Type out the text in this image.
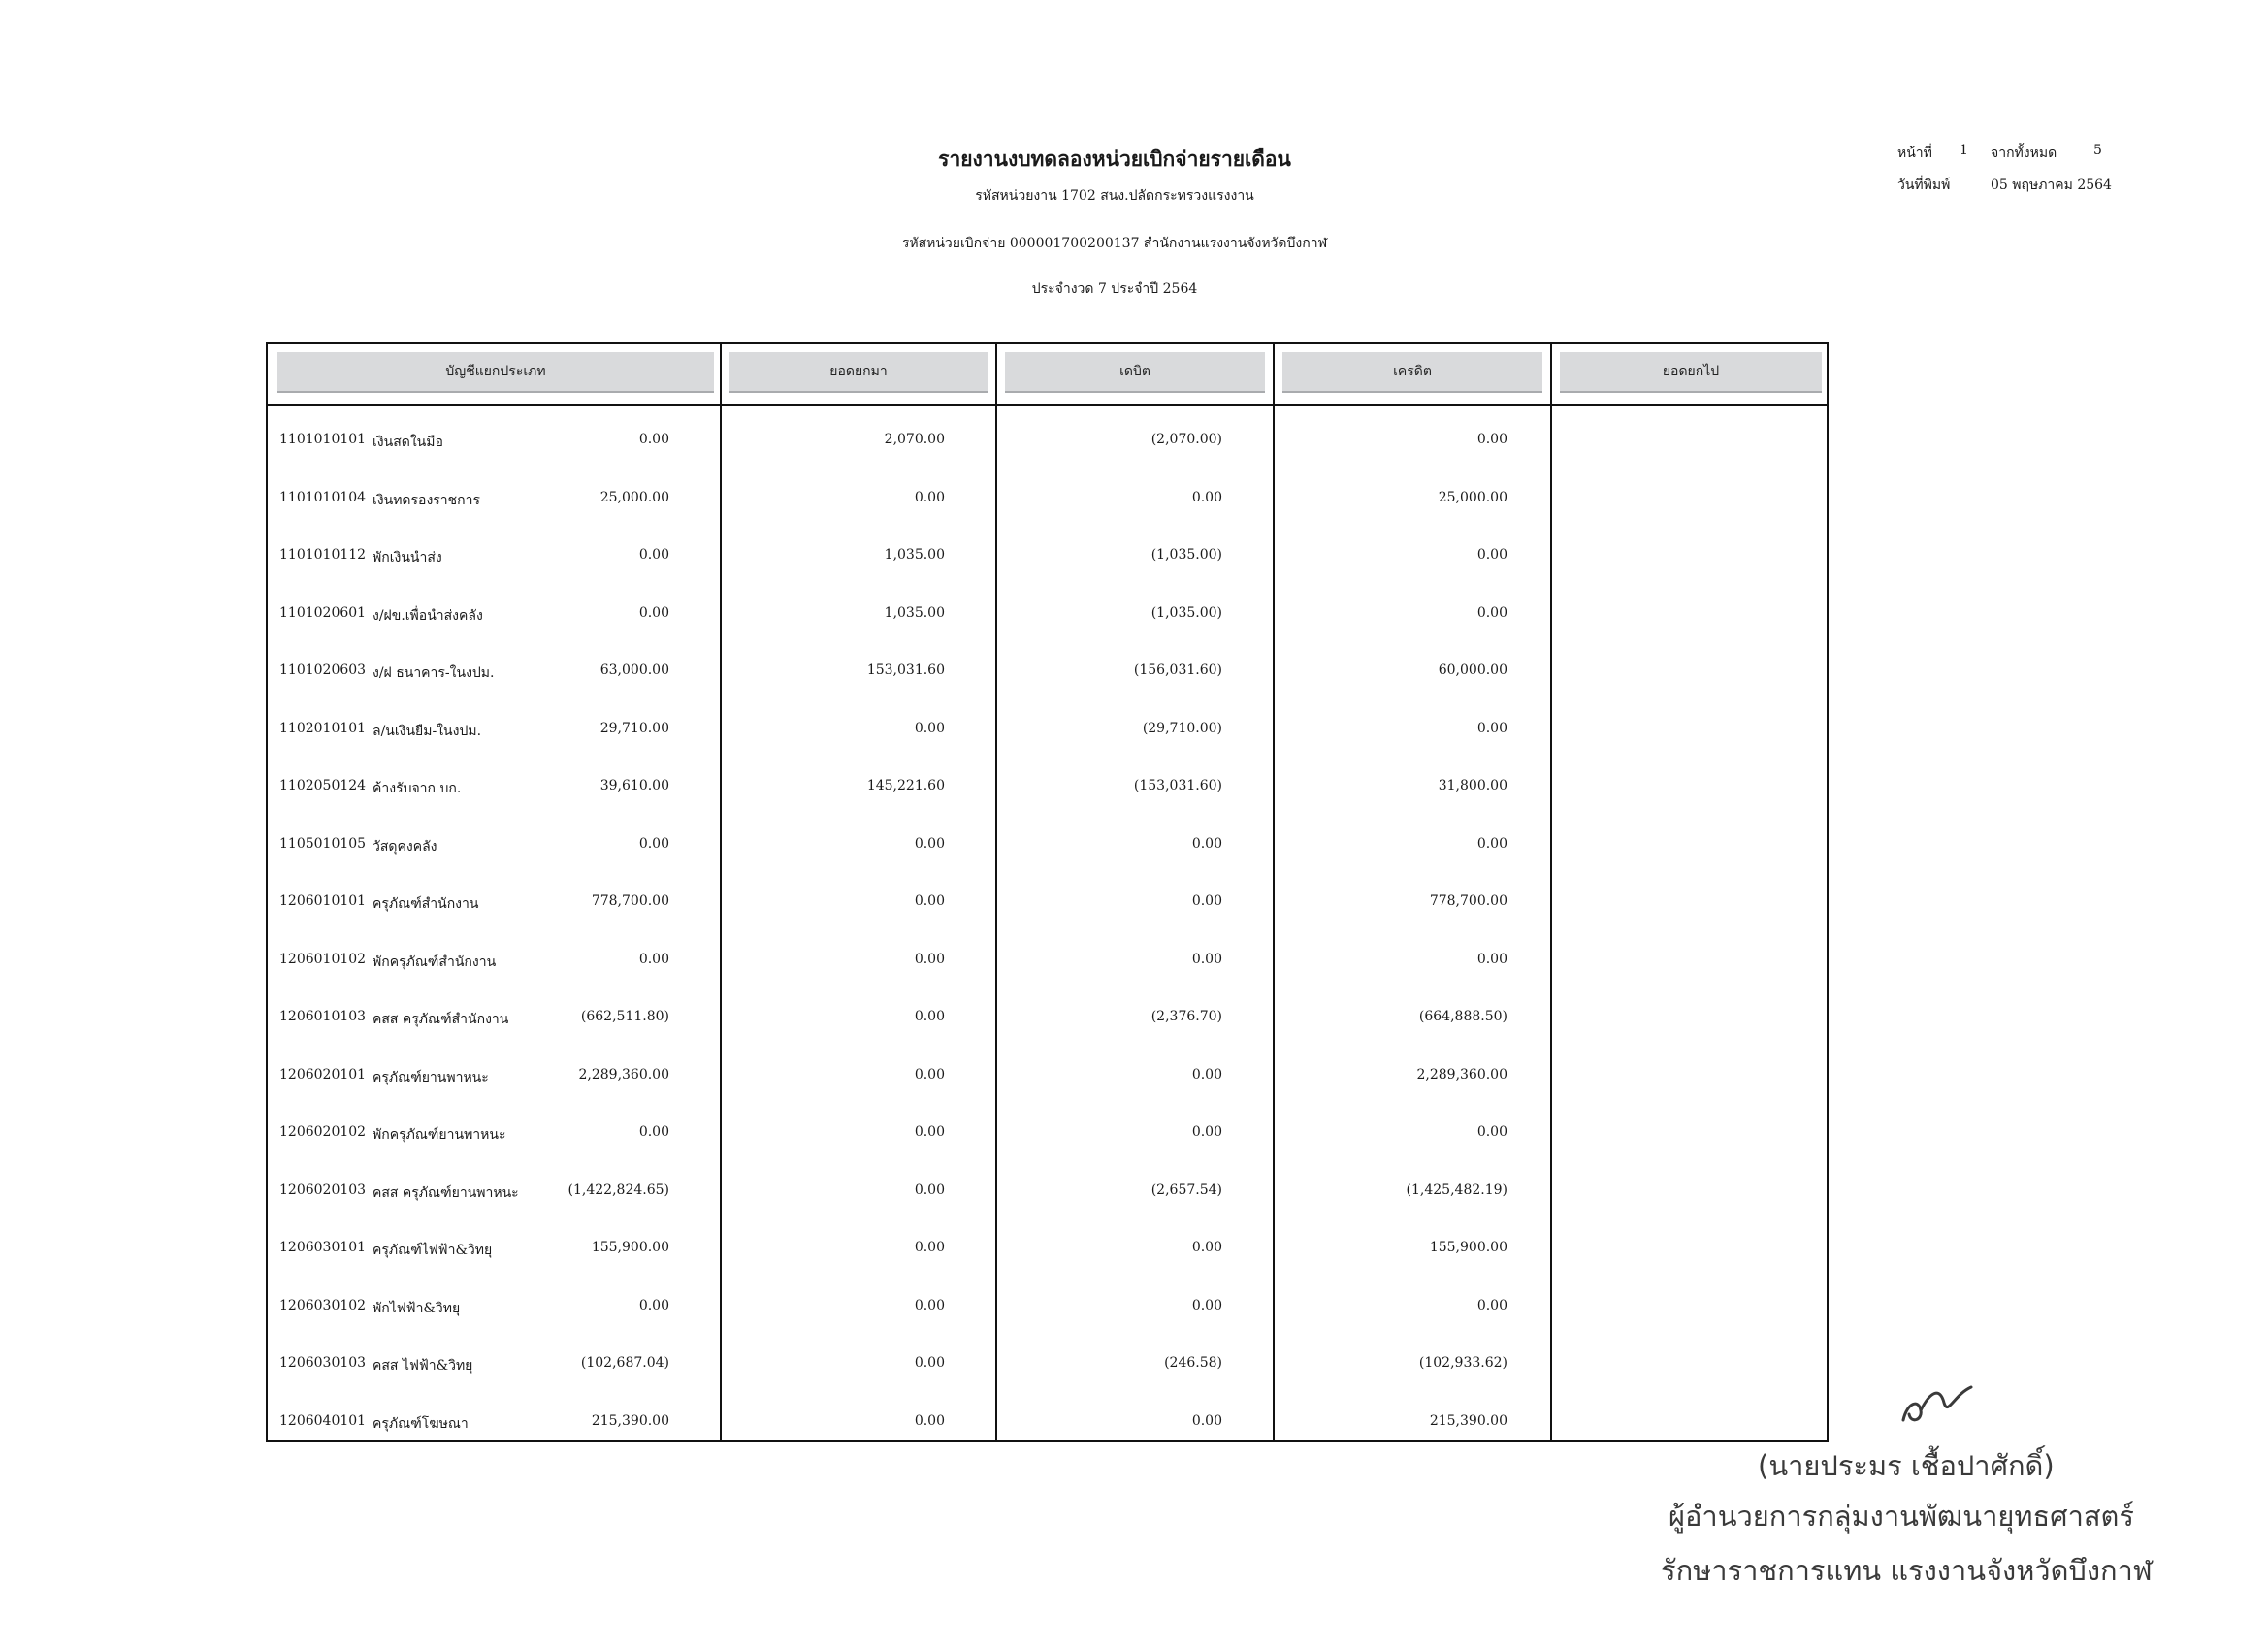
รายงานงบทดลองหน่วยเบิกจ่ายรายเดือน
รหัสหน่วยงาน 1702 สนง.ปลัดกระทรวงแรงงาน
รหัสหน่วยเบิกจ่าย 000001700200137 สำนักงานแรงงานจังหวัดบึงกาฬ
ประจำงวด 7 ประจำปี 2564
หน้าที่ 1 จากทั้งหมด	5
วันที่พิมพ์	05 พฤษภาคม 2564
บัญชีแยกประเภท	ยอดยกมา	เดบิต	เครดิต	ยอดยกไป
1101010101 เงินสดในมือ	0.00	2,070.00	(2,070.00)	0.00
1101010104 เงินทดรองราชการ	25,000.00	0.00	0.00	25,000.00
1101010112 พักเงินนำส่ง	0.00	1,035.00	(1,035.00)	0.00
1101020601 ง/ฝข.เพื่อนำส่งคลัง	0.00	1,035.00	(1,035.00)	0.00
1101020603 ง/ฝ ธนาคาร-ในงปม.	63,000.00	153,031.60	(156,031.60)	60,000.00
1102010101 ล/นเงินยืม-ในงปม.	29,710.00	0.00	(29,710.00)	0.00
1102050124 ค้างรับจาก บก.	39,610.00	145,221.60	(153,031.60)	31,800.00
1105010105 วัสดุคงคลัง	0.00	0.00	0.00	0.00
1206010101 ครุภัณฑ์สำนักงาน	778,700.00	0.00	0.00	778,700.00
1206010102 พักครุภัณฑ์สำนักงาน	0.00	0.00	0.00	0.00
1206010103 คสส ครุภัณฑ์สำนักงาน	(662,511.80)	0.00	(2,376.70)	(664,888.50)
1206020101 ครุภัณฑ์ยานพาหนะ	2,289,360.00	0.00	0.00	2,289,360.00
1206020102 พักครุภัณฑ์ยานพาหนะ	0.00	0.00	0.00	0.00
1206020103 คสส ครุภัณฑ์ยานพาหนะ	(1,422,824.65)	0.00	(2,657.54)	(1,425,482.19)
1206030101 ครุภัณฑ์ไฟฟ้า&วิทยุ	155,900.00	0.00	0.00	155,900.00
1206030102 พักไฟฟ้า&วิทยุ	0.00	0.00	0.00	0.00
1206030103 คสส ไฟฟ้า&วิทยุ	(102,687.04)	0.00	(246.58)	(102,933.62)
1206040101 ครุภัณฑ์โฆษณา	215,390.00	0.00	0.00	215,390.00
(นายประมร เชื้อปาศักดิ์)
ผู้อำนวยการกลุ่มงานพัฒนายุทธศาสตร์
รักษาราชการแทน แรงงานจังหวัดบึงกาฬ
